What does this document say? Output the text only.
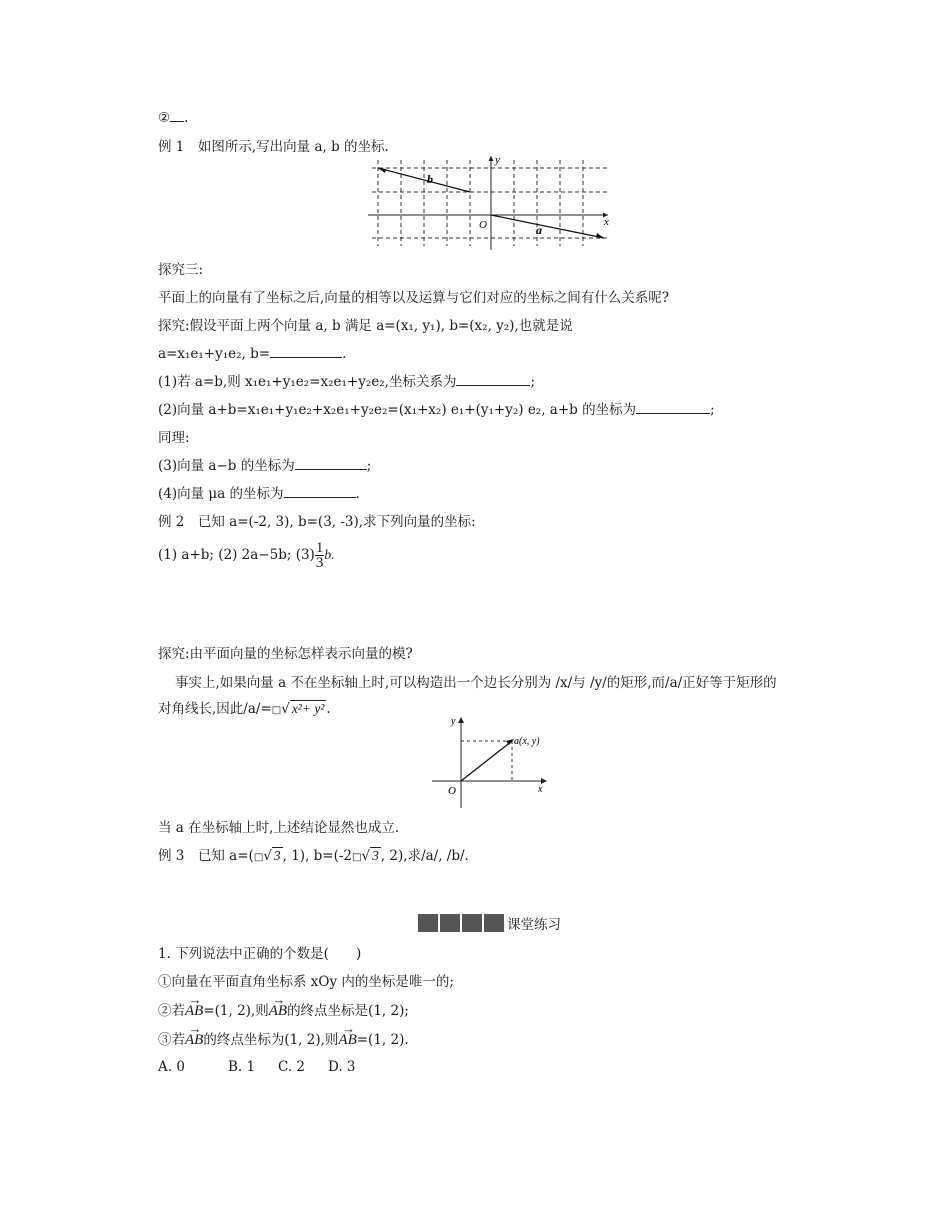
② .
例 1　如图所示,写出向量 a, b 的坐标.
b
a
y
x
O
探究三:
平面上的向量有了坐标之后,向量的相等以及运算与它们对应的坐标之间有什么关系呢?
探究:假设平面上两个向量 a, b 满足 a=(x₁, y₁), b=(x₂, y₂),也就是说
a=x₁e₁+y₁e₂, b=	.
(1)若 a=b,则 x₁e₁+y₁e₂=x₂e₁+y₂e₂,坐标关系为	;
(2)向量 a+b=x₁e₁+y₁e₂+x₂e₁+y₂e₂=(x₁+x₂) e₁+(y₁+y₂) e₂, a+b 的坐标为	;
同理:
(3)向量 a−b 的坐标为	;
(4)向量 μa 的坐标为	.
例 2　已知 a=(-2, 3), b=(3, -3),求下列向量的坐标:
(1) a+b; (2) 2a−5b; $(3) \frac{1}{3} b$.
探究:由平面向量的坐标怎样表示向量的模?
事实上,如果向量 a 不在坐标轴上时,可以构造出一个边长分别为 /x/与 /y/的矩形,而/a/正好等于矩形的
对角线长,因此/a/=□√ x²+ y² .
a(x, y)
y
x
O
当 a 在坐标轴上时,上述结论显然也成立.
例 3　已知 a=(□√ 3 , 1), b=(-2□√ 3 , 2),求/a/, /b/.
课堂练习
1. 下列说法中正确的个数是(　　)
①向量在平面直角坐标系 xOy 内的坐标是唯一的;
②若→ AB=(1, 2),则→ AB的终点坐标是(1, 2);
③若→ AB的终点坐标为(1, 2),则→ AB=(1, 2).
A. 0	B. 1 C. 2 D. 3
